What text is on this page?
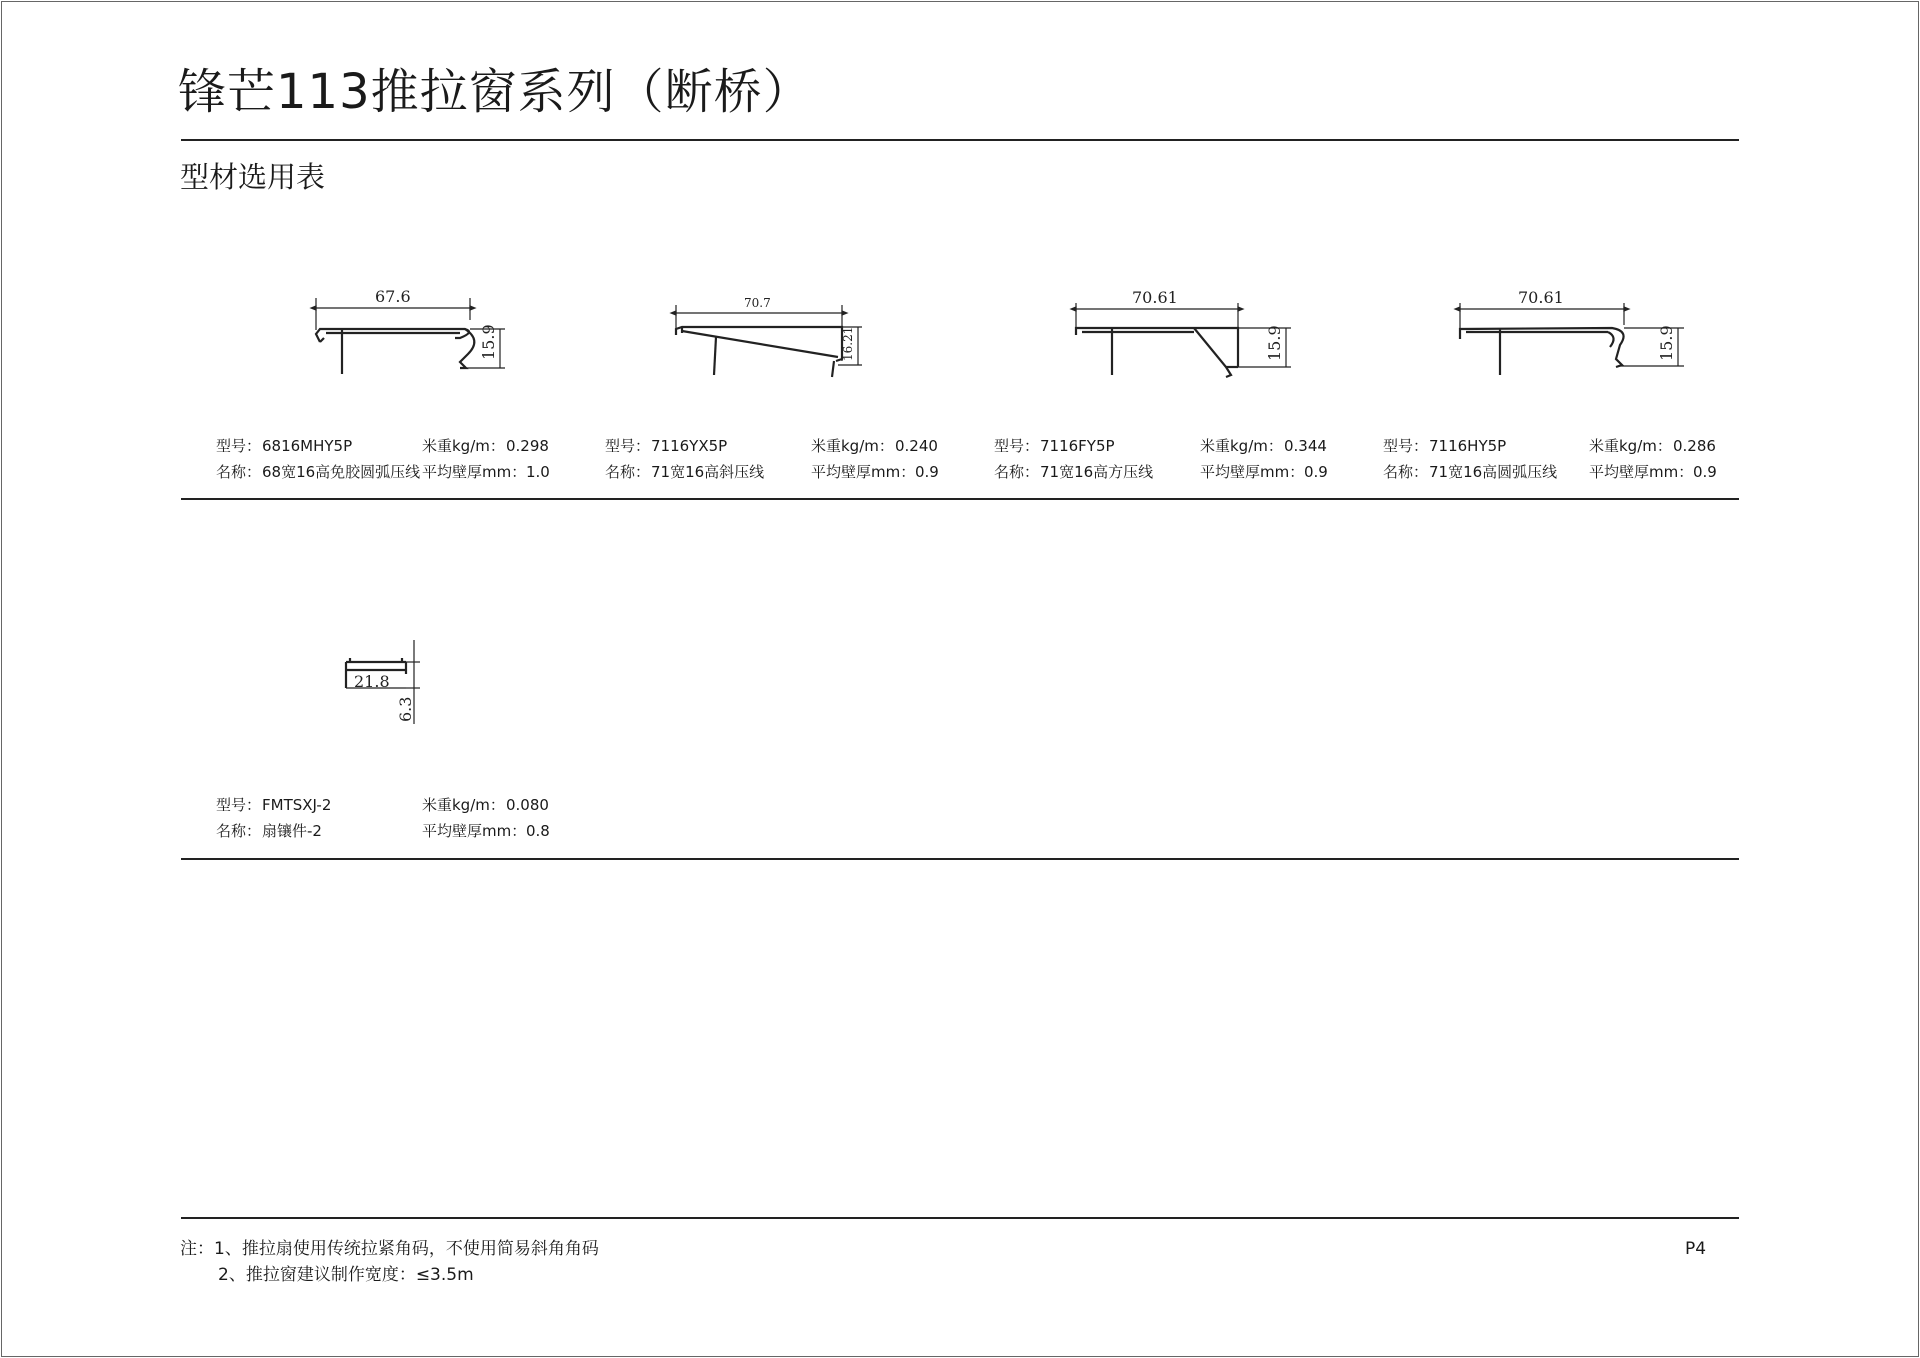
锋芒113推拉窗系列（断桥）
型材选用表
67.6
15.9
70.7
16.21
70.61
15.9
70.61
15.9
21.8
6.3
型号： 6816MHY5P	米重kg/m： 0.298
名称： 68宽16高免胶圆弧压线 平均壁厚mm： 1.0
型号： 7116YX5P	米重kg/m： 0.240
名称： 71宽16高斜压线	平均壁厚mm： 0.9
型号： 7116FY5P	米重kg/m： 0.344
名称： 71宽16高方压线	平均壁厚mm： 0.9
型号： 7116HY5P	米重kg/m： 0.286
名称： 71宽16高圆弧压线 平均壁厚mm： 0.9
型号： FMTSXJ-2	米重kg/m： 0.080
名称： 扇镶件-2	平均壁厚mm： 0.8
注：1、推拉扇使用传统拉紧角码，不使用简易斜角角码
2、推拉窗建议制作宽度：≤3.5m
P4
